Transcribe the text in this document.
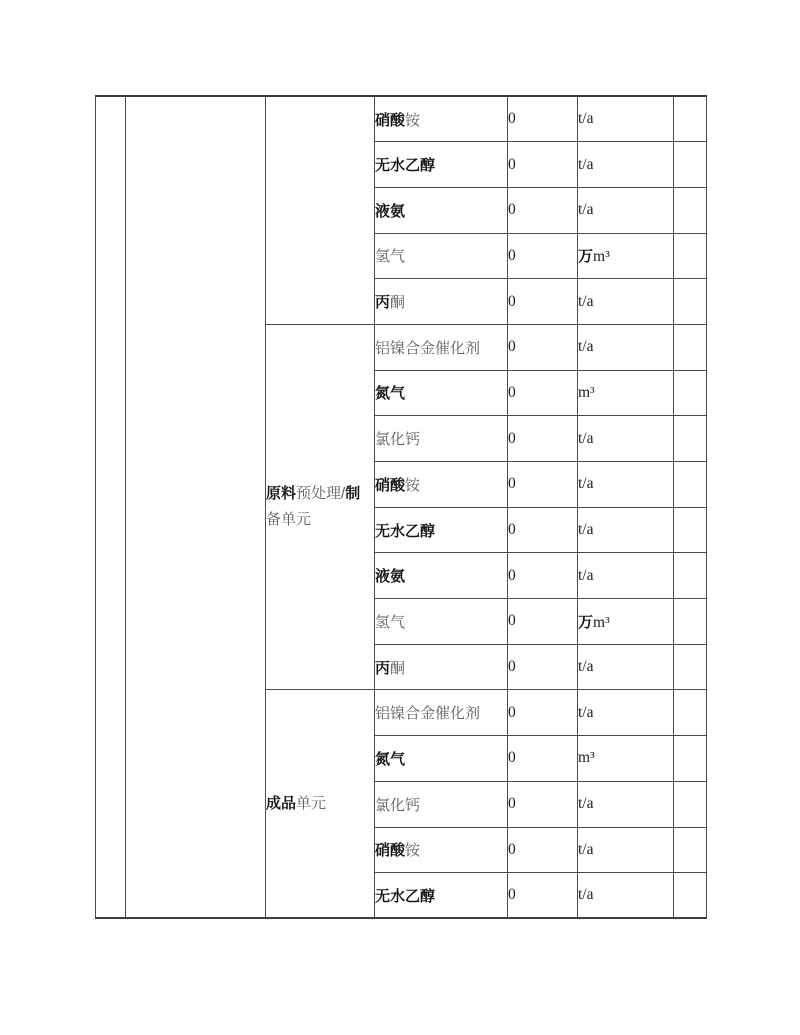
			硝酸铵	0	t/a	
			无水乙醇	0	t/a	
			液氨	0	t/a	
			氢气	0	万m³	
			丙酮	0	t/a	
		原料预处理/制备单元	铝镍合金催化剂	0	t/a	
			氮气	0	m³	
			氯化钙	0	t/a	
			硝酸铵	0	t/a	
			无水乙醇	0	t/a	
			液氨	0	t/a	
			氢气	0	万m³	
			丙酮	0	t/a	
		成品单元	铝镍合金催化剂	0	t/a	
			氮气	0	m³	
			氯化钙	0	t/a	
			硝酸铵	0	t/a	
			无水乙醇	0	t/a	
